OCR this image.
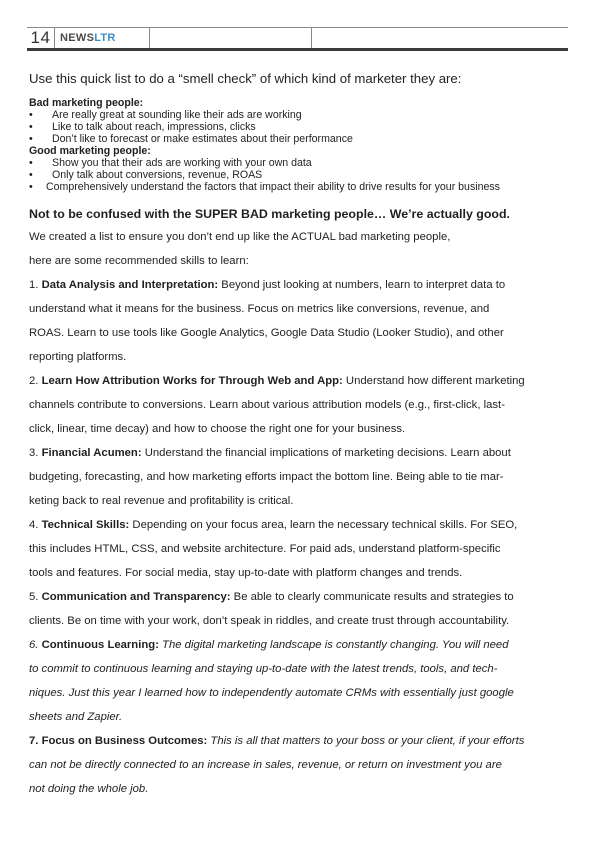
14 NEWS LTR

Use this quick list to do a “smell check” of which kind of marketer they are:

Bad marketing people:
• Are really great at sounding like their ads are working
• Like to talk about reach, impressions, clicks
• Don’t like to forecast or make estimates about their performance
Good marketing people:
• Show you that their ads are working with your own data
• Only talk about conversions, revenue, ROAS
• Comprehensively understand the factors that impact their ability to drive results for your business
Not to be confused with the SUPER BAD marketing people… We’re actually good.

We created a list to ensure you don’t end up like the ACTUAL bad marketing people,

here are some recommended skills to learn:

1. Data Analysis and Interpretation: Beyond just looking at numbers, learn to interpret data to

understand what it means for the business. Focus on metrics like conversions, revenue, and

ROAS. Learn to use tools like Google Analytics, Google Data Studio (Looker Studio), and other

reporting platforms.

2. Learn How Attribution Works for Through Web and App: Understand how different marketing

channels contribute to conversions. Learn about various attribution models (e.g., first-click, last-

click, linear, time decay) and how to choose the right one for your business.

3. Financial Acumen: Understand the financial implications of marketing decisions. Learn about

budgeting, forecasting, and how marketing efforts impact the bottom line. Being able to tie mar-

keting back to real revenue and profitability is critical.

4. Technical Skills: Depending on your focus area, learn the necessary technical skills. For SEO,

this includes HTML, CSS, and website architecture. For paid ads, understand platform-specific

tools and features. For social media, stay up-to-date with platform changes and trends.

5. Communication and Transparency: Be able to clearly communicate results and strategies to

clients. Be on time with your work, don’t speak in riddles, and create trust through accountability.

6. Continuous Learning: The digital marketing landscape is constantly changing. You will need

to commit to continuous learning and staying up-to-date with the latest trends, tools, and tech-

niques. Just this year I learned how to independently automate CRMs with essentially just google

sheets and Zapier.

7. Focus on Business Outcomes: This is all that matters to your boss or your client, if your efforts

can not be directly connected to an increase in sales, revenue, or return on investment you are

not doing the whole job.
